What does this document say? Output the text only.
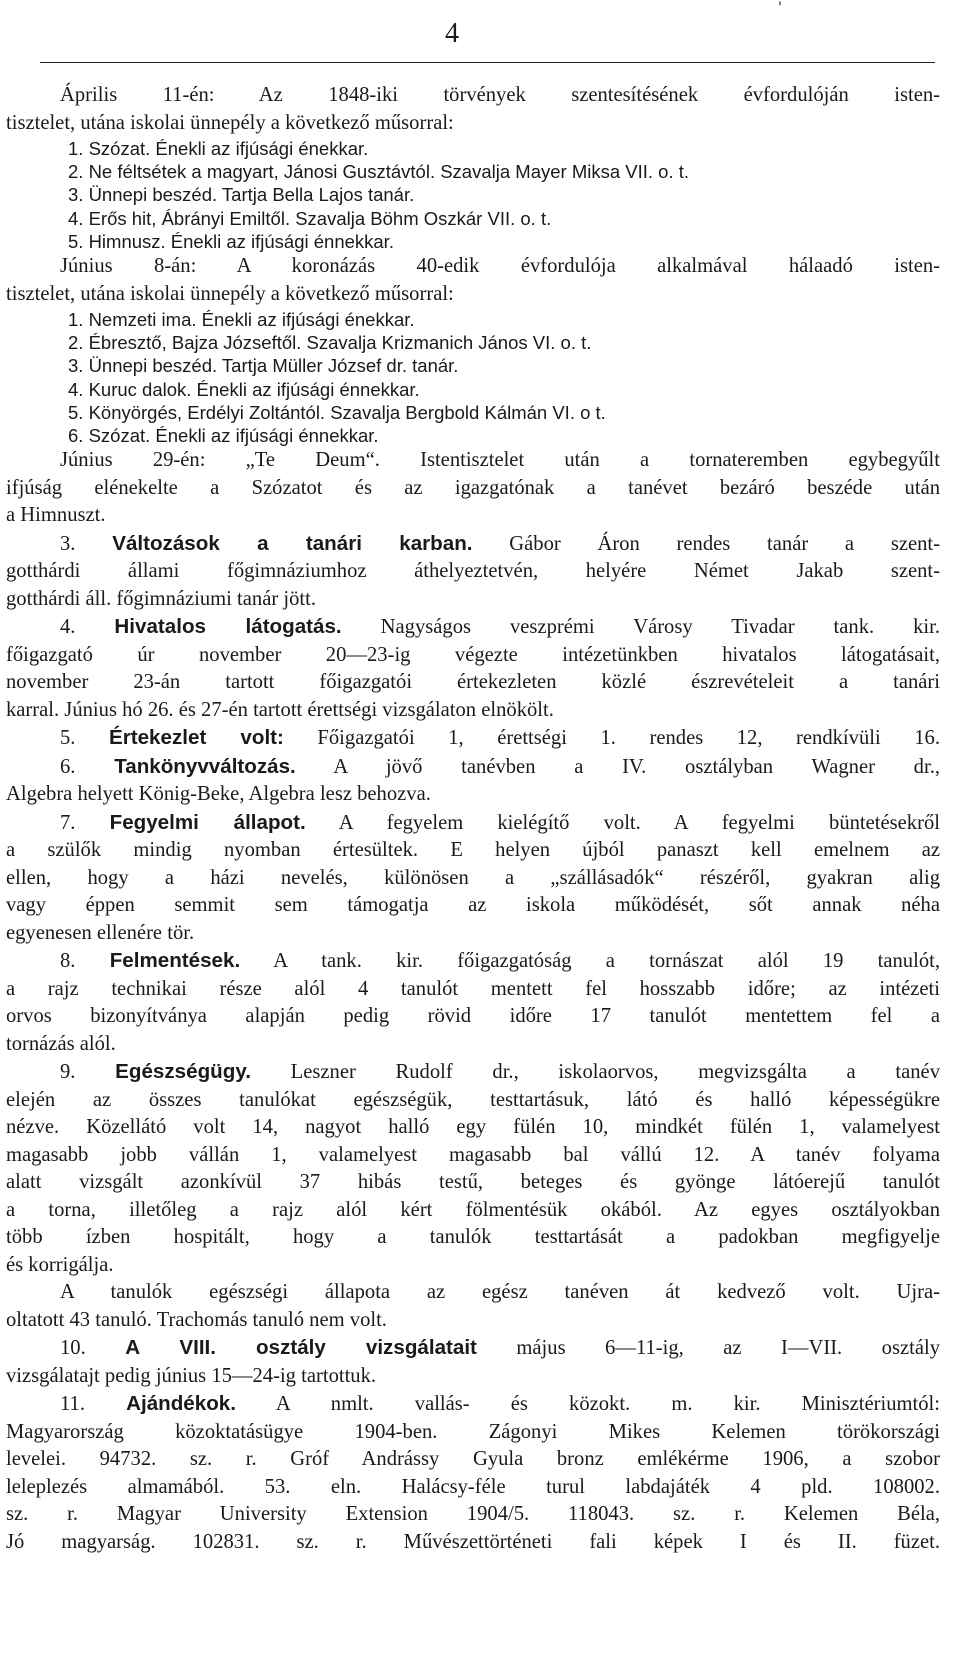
'
4
Április 11-én: Az 1848-iki törvények szentesítésének évfordulóján isten-
tisztelet, utána iskolai ünnepély a következő műsorral:
1. Szózat. Énekli az ifjúsági énekkar.
2. Ne féltsétek a magyart, Jánosi Gusztávtól. Szavalja Mayer Miksa VII. o. t.
3. Ünnepi beszéd. Tartja Bella Lajos tanár.
4. Erős hit, Ábrányi Emiltől. Szavalja Böhm Oszkár VII. o. t.
5. Himnusz. Énekli az ifjúsági énnekkar.
Június 8-án: A koronázás 40-edik évfordulója alkalmával hálaadó isten-
tisztelet, utána iskolai ünnepély a következő műsorral:
1. Nemzeti ima. Énekli az ifjúsági énekkar.
2. Ébresztő, Bajza Józseftől. Szavalja Krizmanich János VI. o. t.
3. Ünnepi beszéd. Tartja Müller József dr. tanár.
4. Kuruc dalok. Énekli az ifjúsági énnekkar.
5. Könyörgés, Erdélyi Zoltántól. Szavalja Bergbold Kálmán VI. o t.
6. Szózat. Énekli az ifjúsági énnekkar.
Június 29-én: „Te Deum“. Istentisztelet után a tornateremben egybegyűlt
ifjúság elénekelte a Szózatot és az igazgatónak a tanévet bezáró beszéde után
a Himnuszt.
3. Változások a tanári karban. Gábor Áron rendes tanár a szent-
gotthárdi állami főgimnáziumhoz áthelyeztetvén, helyére Német Jakab szent-
gotthárdi áll. főgimnáziumi tanár jött.
4. Hivatalos látogatás. Nagyságos veszprémi Városy Tivadar tank. kir.
főigazgató úr november 20—23-ig végezte intézetünkben hivatalos látogatásait,
november 23-án tartott főigazgatói értekezleten közlé észrevételeit a tanári
karral. Június hó 26. és 27-én tartott érettségi vizsgálaton elnökölt.
5. Értekezlet volt: Főigazgatói 1, érettségi 1. rendes 12, rendkívüli 16.
6. Tankönyvváltozás. A jövő tanévben a IV. osztályban Wagner dr.,
Algebra helyett König-Beke, Algebra lesz behozva.
7. Fegyelmi állapot. A fegyelem kielégítő volt. A fegyelmi büntetésekről
a szülők mindig nyomban értesültek. E helyen újból panaszt kell emelnem az
ellen, hogy a házi nevelés, különösen a „szállásadók“ részéről, gyakran alig
vagy éppen semmit sem támogatja az iskola működését, sőt annak néha
egyenesen ellenére tör.
8. Felmentések. A tank. kir. főigazgatóság a tornászat alól 19 tanulót,
a rajz technikai része alól 4 tanulót mentett fel hosszabb időre; az intézeti
orvos bizonyítványa alapján pedig rövid időre 17 tanulót mentettem fel a
tornázás alól.
9. Egészségügy. Leszner Rudolf dr., iskolaorvos, megvizsgálta a tanév
elején az összes tanulókat egészségük, testtartásuk, látó és halló képességükre
nézve. Közellátó volt 14, nagyot halló egy fülén 10, mindkét fülén 1, valamelyest
magasabb jobb vállán 1, valamelyest magasabb bal vállú 12. A tanév folyama
alatt vizsgált azonkívül 37 hibás testű, beteges és gyönge látóerejű tanulót
a torna, illetőleg a rajz alól kért fölmentésük okából. Az egyes osztályokban
több ízben hospitált, hogy a tanulók testtartását a padokban megfigyelje
és korrigálja.
A tanulók egészségi állapota az egész tanéven át kedvező volt. Ujra-
oltatott 43 tanuló. Trachomás tanuló nem volt.
10. A VIII. osztály vizsgálatait május 6—11-ig, az I—VII. osztály
vizsgálatajt pedig június 15—24-ig tartottuk.
11. Ajándékok. A nmlt. vallás- és közokt. m. kir. Minisztériumtól:
Magyarország közoktatásügye 1904-ben. Zágonyi Mikes Kelemen törökországi
levelei. 94732. sz. r. Gróf Andrássy Gyula bronz emlékérme 1906, a szobor
leleplezés almamából. 53. eln. Halácsy-féle turul labdajáték 4 pld. 108002.
sz. r. Magyar University Extension 1904/5. 118043. sz. r. Kelemen Béla,
Jó magyarság. 102831. sz. r. Művészettörténeti fali képek I és II. füzet.
